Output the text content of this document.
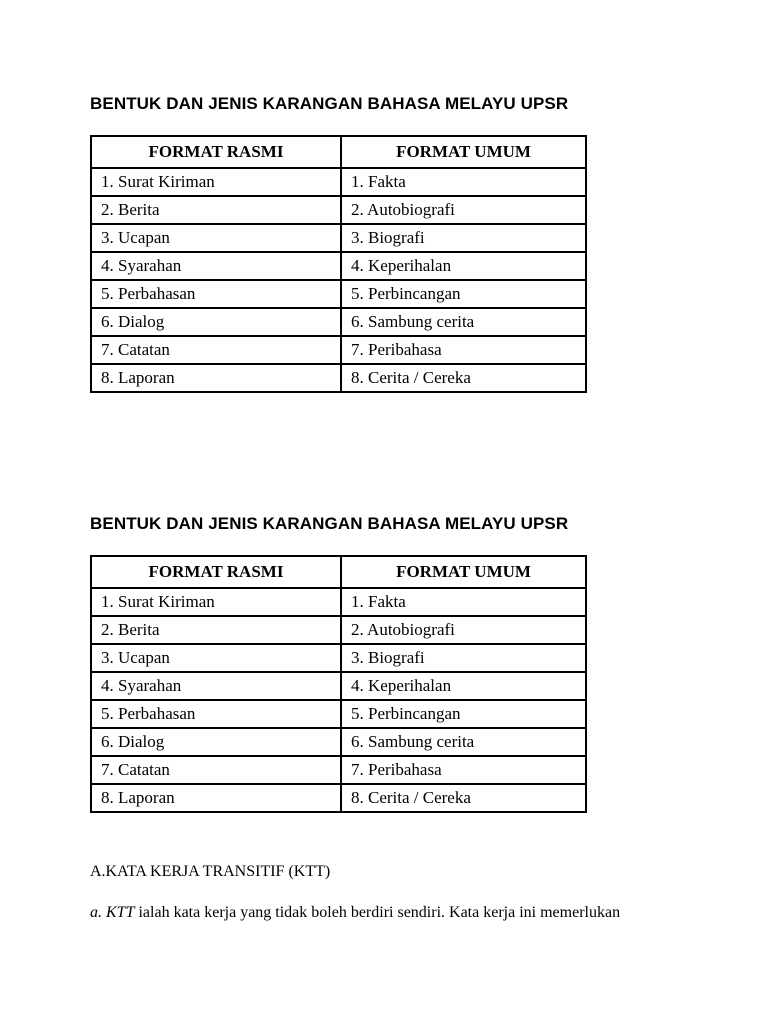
BENTUK DAN JENIS KARANGAN BAHASA MELAYU UPSR
FORMAT RASMI	FORMAT UMUM
1. Surat Kiriman	1. Fakta
2. Berita	2. Autobiografi
3. Ucapan	3. Biografi
4. Syarahan	4. Keperihalan
5. Perbahasan	5. Perbincangan
6. Dialog	6. Sambung cerita
7. Catatan	7. Peribahasa
8. Laporan	8. Cerita / Cereka
BENTUK DAN JENIS KARANGAN BAHASA MELAYU UPSR
FORMAT RASMI	FORMAT UMUM
1. Surat Kiriman	1. Fakta
2. Berita	2. Autobiografi
3. Ucapan	3. Biografi
4. Syarahan	4. Keperihalan
5. Perbahasan	5. Perbincangan
6. Dialog	6. Sambung cerita
7. Catatan	7. Peribahasa
8. Laporan	8. Cerita / Cereka
A.KATA KERJA TRANSITIF (KTT)
a. KTT ialah kata kerja yang tidak boleh berdiri sendiri. Kata kerja ini memerlukan
